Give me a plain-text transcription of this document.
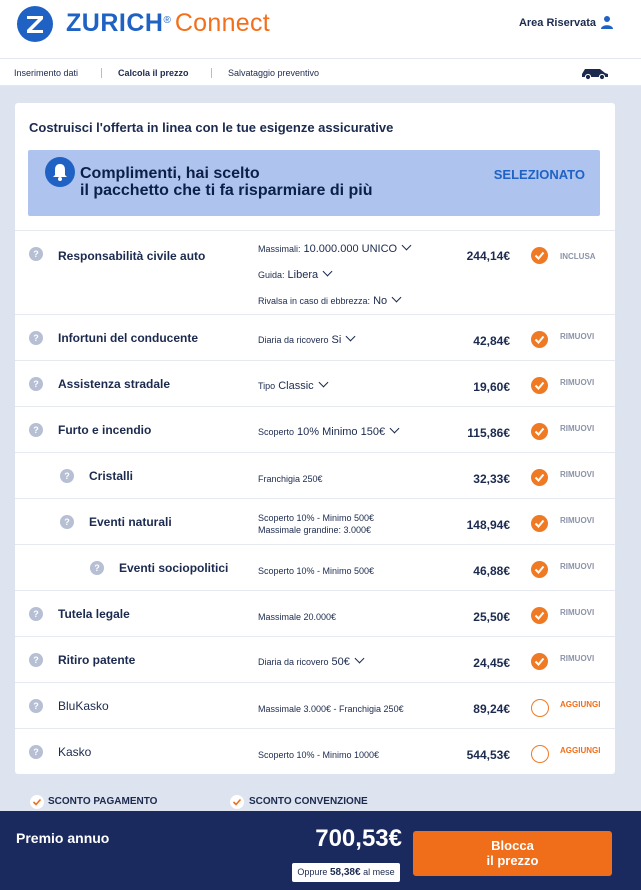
ZURICH® Connect	Area Riservata
Inserimento dati	Calcola il prezzo	Salvataggio preventivo
Costruisci l'offerta in linea con le tue esigenze assicurative
Complimenti, hai scelto
il pacchetto che ti fa risparmiare di più
SELEZIONATO
?	Responsabilità civile auto	Massimali: 10.000.000 UNICO
Guida: Libera
Rivalsa in caso di ebbrezza: No
244,14€	INCLUSA
?	Infortuni del conducente	Diaria da ricovero Si	42,84€	RIMUOVI
?	Assistenza stradale	Tipo Classic	19,60€	RIMUOVI
?	Furto e incendio	Scoperto 10% Minimo 150€	115,86€	RIMUOVI
?	Cristalli	Franchigia 250€	32,33€	RIMUOVI
?	Eventi naturali	Scoperto 10% - Minimo 500€
Massimale grandine: 3.000€	148,94€	RIMUOVI
?	Eventi sociopolitici	Scoperto 10% - Minimo 500€	46,88€	RIMUOVI
?	Tutela legale	Massimale 20.000€	25,50€	RIMUOVI
?	Ritiro patente	Diaria da ricovero 50€	24,45€	RIMUOVI
?	BluKasko	Massimale 3.000€ - Franchigia 250€	89,24€	AGGIUNGI
?	Kasko	Scoperto 10% - Minimo 1000€	544,53€	AGGIUNGI
SCONTO PAGAMENTO	SCONTO CONVENZIONE
Premio annuo	700,53€
Oppure 58,38€ al mese
Blocca
il prezzo
